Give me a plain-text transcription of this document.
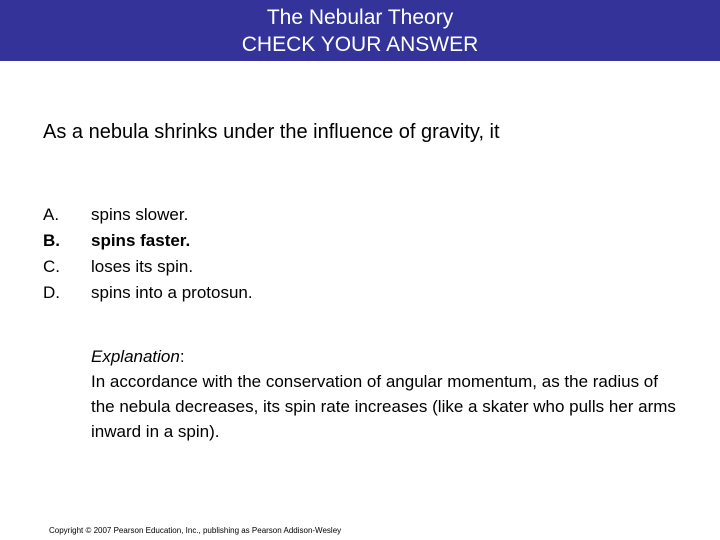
The Nebular Theory
CHECK YOUR ANSWER
As a nebula shrinks under the influence of gravity, it
A.	spins slower.
B.	spins faster.
C.	loses its spin.
D.	spins into a protosun.
Explanation:
In accordance with the conservation of angular momentum, as the radius of the nebula decreases, its spin rate increases (like a skater who pulls her arms inward in a spin).
Copyright © 2007 Pearson Education, Inc., publishing as Pearson Addison-Wesley
